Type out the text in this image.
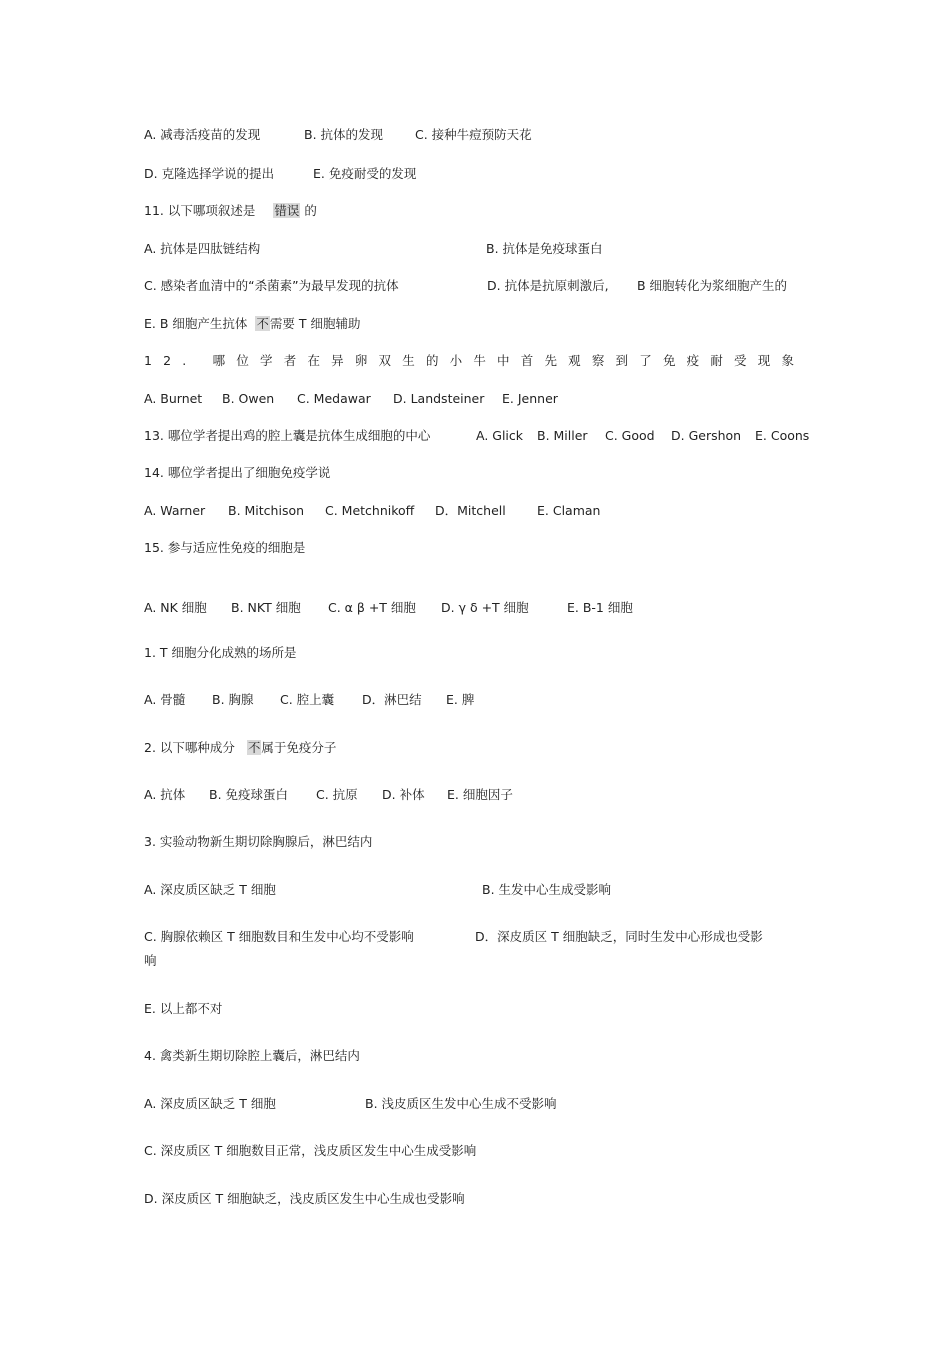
A. 减毒活疫苗的发现	B. 抗体的发现	C. 接种牛痘预防天花
D. 克隆选择学说的提出	E. 免疫耐受的发现
11. 以下哪项叙述是 错误 的
A. 抗体是四肽链结构	B. 抗体是免疫球蛋白
C. 感染者血清中的“杀菌素”为最早发现的抗体	D. 抗体是抗原刺激后, B 细胞转化为浆细胞产生的
E. B 细胞产生抗体 不需要 T 细胞辅助
12. 哪位学者在异卵双生的小牛中首先观察到了免疫耐受现象
A. Burnet B. Owen C. Medawar D. Landsteiner E. Jenner
13. 哪位学者提出鸡的腔上囊是抗体生成细胞的中心	A. Glick B. Miller C. Good D. Gershon E. Coons
14. 哪位学者提出了细胞免疫学说
A. Warner B. Mitchison C. Metchnikoff D．Mitchell	E. Claman
15. 参与适应性免疫的细胞是
A. NK 细胞 B. NKT 细胞 C. α β +T 细胞 D. γ δ +T 细胞	E. B-1 细胞
1. T 细胞分化成熟的场所是
A. 骨髓 B. 胸腺 C. 腔上囊 D．淋巴结 E. 脾
2. 以下哪种成分 不属于免疫分子
A. 抗体 B. 免疫球蛋白 C. 抗原 D. 补体 E. 细胞因子
3. 实验动物新生期切除胸腺后，淋巴结内
A. 深皮质区缺乏 T 细胞	B. 生发中心生成受影响
C. 胸腺依赖区 T 细胞数目和生发中心均不受影响	D．深皮质区 T 细胞缺乏，同时生发中心形成也受影
响
E. 以上都不对
4. 禽类新生期切除腔上囊后，淋巴结内
A. 深皮质区缺乏 T 细胞	B. 浅皮质区生发中心生成不受影响
C. 深皮质区 T 细胞数目正常，浅皮质区发生中心生成受影响
D. 深皮质区 T 细胞缺乏，浅皮质区发生中心生成也受影响
